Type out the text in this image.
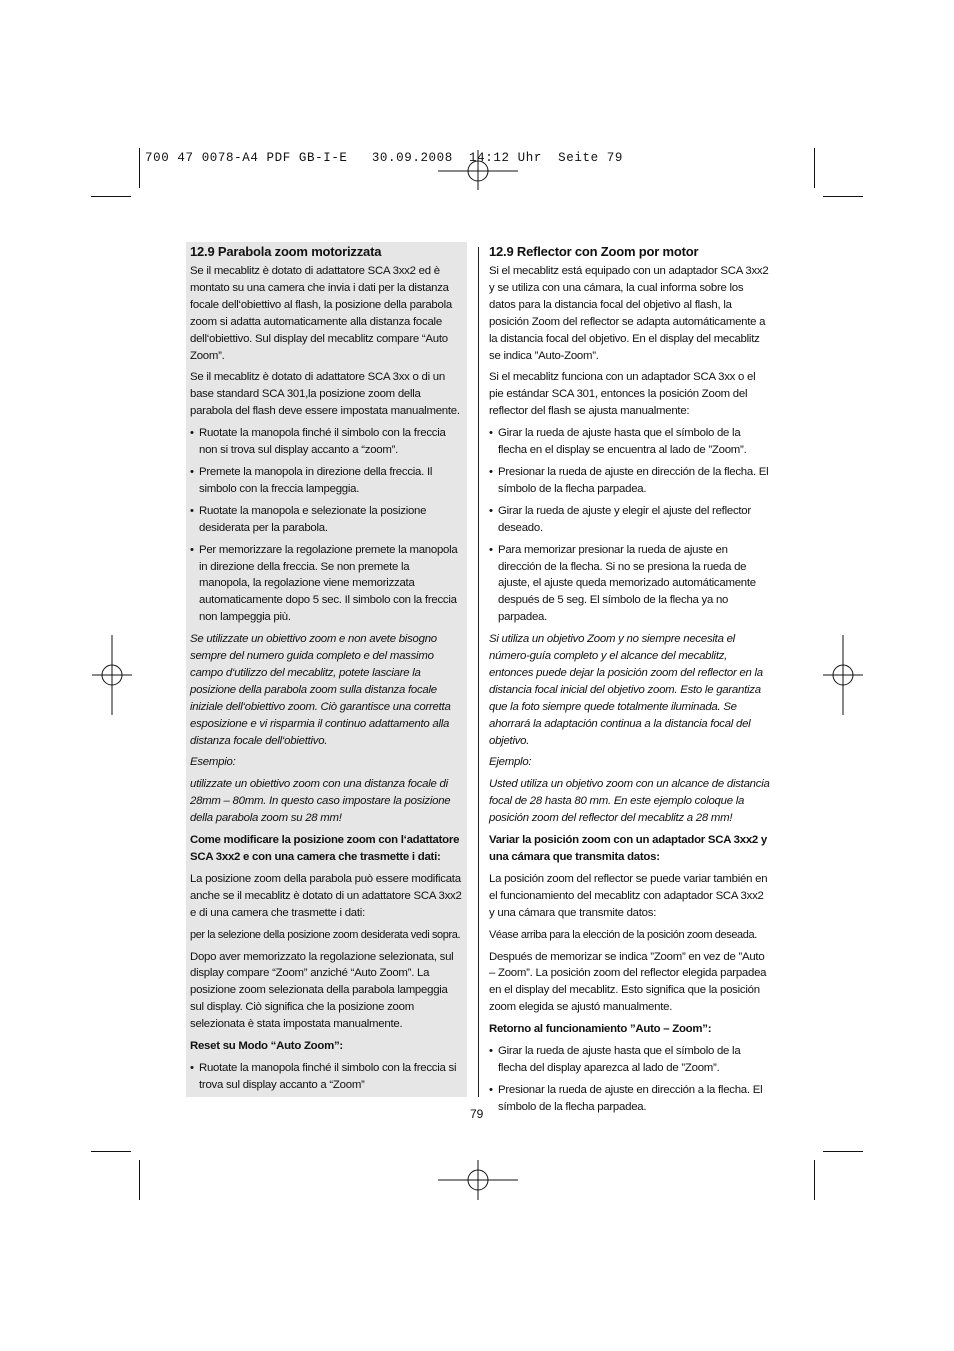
700 47 0078-A4 PDF GB-I-E   30.09.2008  14:12 Uhr  Seite 79
12.9 Parabola zoom motorizzata

Se il mecablitz è dotato di adattatore SCA 3xx2 ed è montato su una camera che invia i dati per la distanza focale dell‘obiettivo al flash, la posizione della parabola zoom si adatta automaticamente alla distanza focale dell‘obiettivo. Sul display del mecablitz compare “Auto Zoom”.

Se il mecablitz è dotato di adattatore SCA 3xx o di un base standard SCA 301,la posizione zoom della parabola del flash deve essere impostata manualmente.

• Ruotate la manopola finché il simbolo con la freccia non si trova sul display accanto a “zoom”.
• Premete la manopola in direzione della freccia. Il simbolo con la freccia lampeggia.
• Ruotate la manopola e selezionate la posizione desiderata per la parabola.
• Per memorizzare la regolazione premete la manopola in direzione della freccia. Se non premete la manopola, la regolazione viene memorizzata automaticamente dopo 5 sec. Il simbolo con la freccia non lampeggia più.

Se utilizzate un obiettivo zoom e non avete bisogno sempre del numero guida completo e del massimo campo d‘utilizzo del mecablitz, potete lasciare la posizione della parabola zoom sulla distanza focale iniziale dell‘obiettivo zoom. Ciò garantisce una corretta esposizione e vi risparmia il continuo adattamento alla distanza focale dell‘obiettivo.

Esempio:

utilizzate un obiettivo zoom con una distanza focale di 28mm – 80mm. In questo caso impostare la posizione della parabola zoom su 28 mm!

Come modificare la posizione zoom con l‘adattatore SCA 3xx2 e con una camera che trasmette i dati:

La posizione zoom della parabola può essere modificata anche se il mecablitz è dotato di un adattatore SCA 3xx2 e di una camera che trasmette i dati:

per la selezione della posizione zoom desiderata vedi sopra.

Dopo aver memorizzato la regolazione selezionata, sul display compare “Zoom” anziché “Auto Zoom”. La posizione zoom selezionata della parabola lampeggia sul display. Ciò significa che la posizione zoom selezionata è stata impostata manualmente.

Reset su Modo “Auto Zoom”:

• Ruotate la manopola finché il simbolo con la freccia si trova sul display accanto a “Zoom”
12.9 Reflector con Zoom por motor

Si el mecablitz está equipado con un adaptador SCA 3xx2 y se utiliza con una cámara, la cual informa sobre los datos para la distancia focal del objetivo al flash, la posición Zoom del reflector se adapta automáticamente a la distancia focal del objetivo. En el display del mecablitz se indica ”Auto-Zoom”.

Si el mecablitz funciona con un adaptador SCA 3xx o el pie estándar SCA 301, entonces la posición Zoom del reflector del flash se ajusta manualmente:

• Girar la rueda de ajuste hasta que el símbolo de la flecha en el display se encuentra al lado de ”Zoom”.
• Presionar la rueda de ajuste en dirección de la flecha. El símbolo de la flecha parpadea.
• Girar la rueda de ajuste y elegir el ajuste del reflector deseado.
• Para memorizar presionar la rueda de ajuste en dirección de la flecha. Si no se presiona la rueda de ajuste, el ajuste queda memorizado automáticamente después de 5 seg. El símbolo de la flecha ya no parpadea.

Si utiliza un objetivo Zoom y no siempre necesita el número-guía completo y el alcance del mecablitz, entonces puede dejar la posición zoom del reflector en la distancia focal inicial del objetivo zoom. Esto le garantiza que la foto siempre quede totalmente iluminada. Se ahorrará la adaptación continua a la distancia focal del objetivo.

Ejemplo:

Usted utiliza un objetivo zoom con un alcance de distancia focal de 28 hasta 80 mm. En este ejemplo coloque la posición zoom del reflector del mecablitz a 28 mm!

Variar la posición zoom con un adaptador SCA 3xx2 y una cámara que transmita datos:

La posición zoom del reflector se puede variar también en el funcionamiento del mecablitz con adaptador SCA 3xx2 y una cámara que transmite datos:

Véase arriba para la elección de la posición zoom deseada.

Después de memorizar se indica ”Zoom” en vez de ”Auto – Zoom”. La posición zoom del reflector elegida parpadea en el display del mecablitz. Esto significa que la posición zoom elegida se ajustó manualmente.

Retorno al funcionamiento ”Auto – Zoom”:

• Girar la rueda de ajuste hasta que el símbolo de la flecha del display aparezca al lado de ”Zoom”.
• Presionar la rueda de ajuste en dirección a la flecha. El símbolo de la flecha parpadea.
79
